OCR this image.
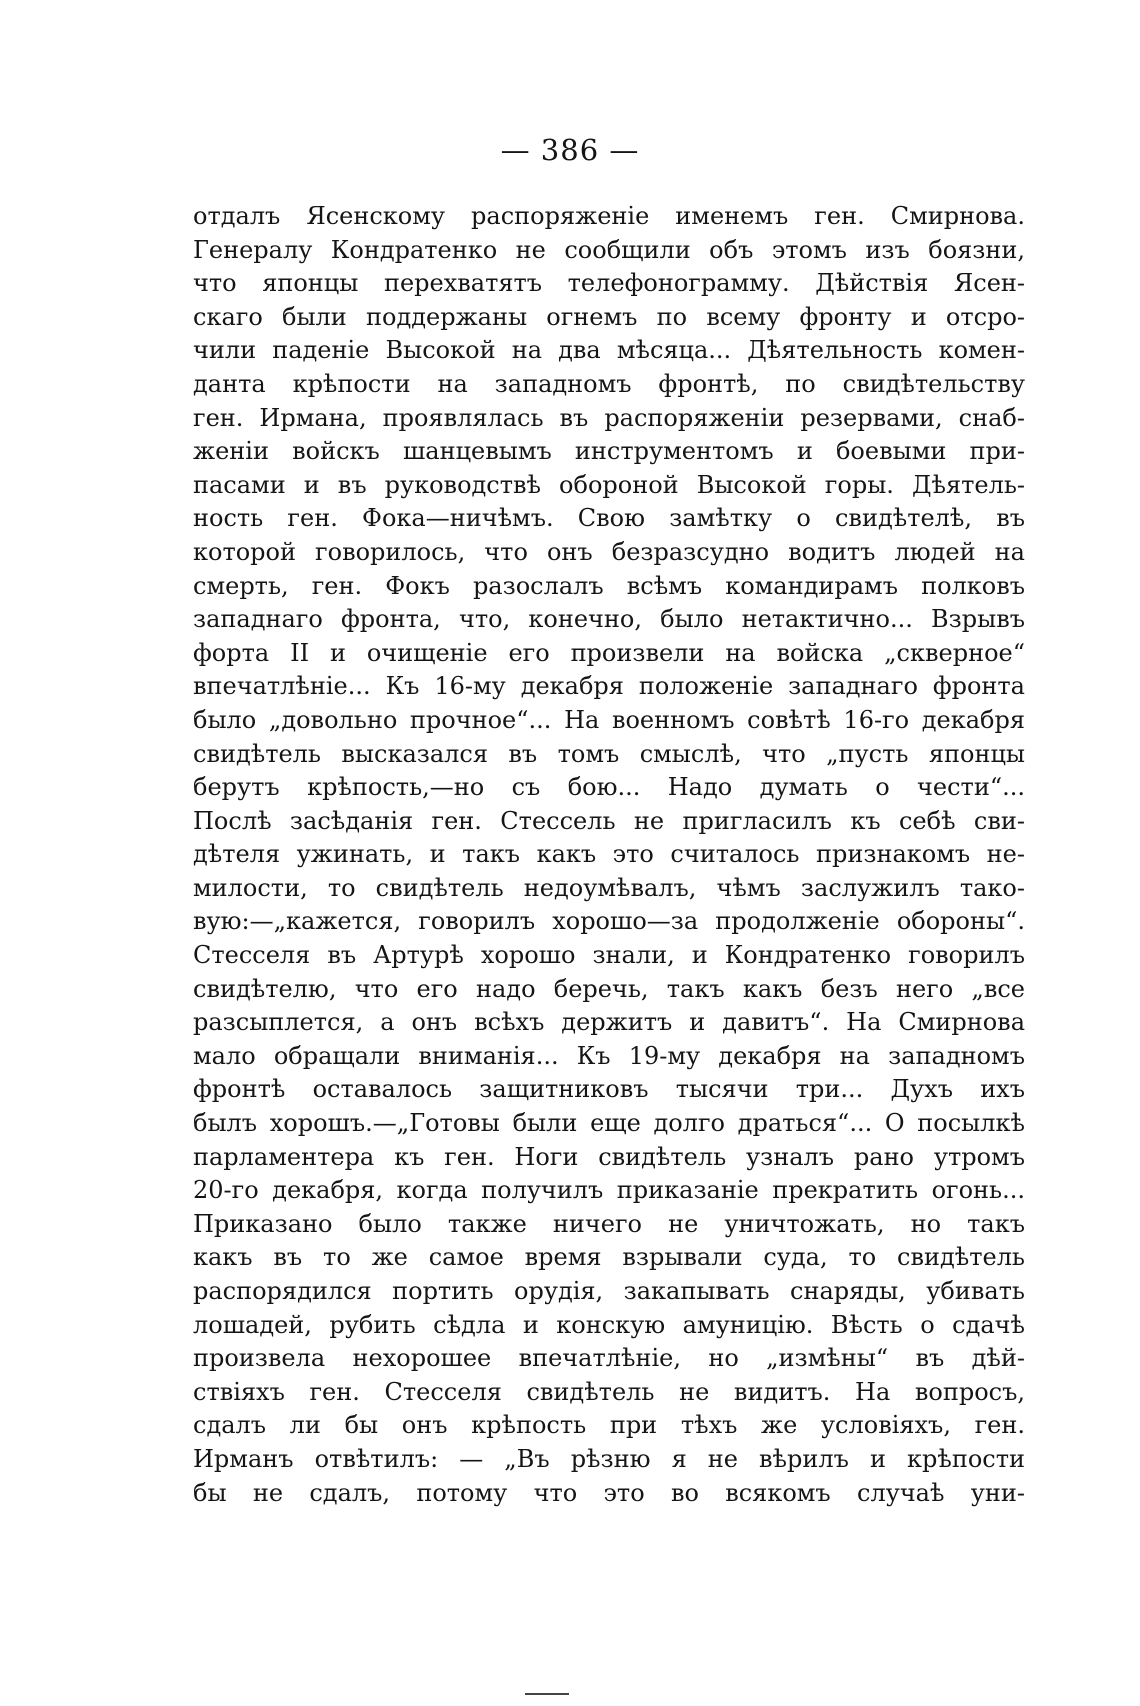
— 386 —
отдалъ Ясенскому распоряженіе именемъ ген. Смирнова.
Генералу Кондратенко не сообщили объ этомъ изъ боязни,
что японцы перехватятъ телефонограмму. Дѣйствія Ясен-
скаго были поддержаны огнемъ по всему фронту и отсро-
чили паденіе Высокой на два мѣсяца... Дѣятельность комен-
данта крѣпости на западномъ фронтѣ, по свидѣтельству
ген. Ирмана, проявлялась въ распоряженіи резервами, снаб-
женіи войскъ шанцевымъ инструментомъ и боевыми при-
пасами и въ руководствѣ обороной Высокой горы. Дѣятель-
ность ген. Фока—ничѣмъ. Свою замѣтку о свидѣтелѣ, въ
которой говорилось, что онъ безразсудно водитъ людей на
смерть, ген. Фокъ разослалъ всѣмъ командирамъ полковъ
западнаго фронта, что, конечно, было нетактично... Взрывъ
форта II и очищеніе его произвели на войска „скверное“
впечатлѣніе... Къ 16-му декабря положеніе западнаго фронта
было „довольно прочное“... На военномъ совѣтѣ 16-го декабря
свидѣтель высказался въ томъ смыслѣ, что „пусть японцы
берутъ крѣпость,—но съ бою... Надо думать о чести“...
Послѣ засѣданія ген. Стессель не пригласилъ къ себѣ сви-
дѣтеля ужинать, и такъ какъ это считалось признакомъ не-
милости, то свидѣтель недоумѣвалъ, чѣмъ заслужилъ тако-
вую:—„кажется, говорилъ хорошо—за продолженіе обороны“.
Стесселя въ Артурѣ хорошо знали, и Кондратенко говорилъ
свидѣтелю, что его надо беречь, такъ какъ безъ него „все
разсыплется, а онъ всѣхъ держитъ и давитъ“. На Смирнова
мало обращали вниманія... Къ 19-му декабря на западномъ
фронтѣ оставалось защитниковъ тысячи три... Духъ ихъ
былъ хорошъ.—„Готовы были еще долго драться“... О посылкѣ
парламентера къ ген. Ноги свидѣтель узналъ рано утромъ
20-го декабря, когда получилъ приказаніе прекратить огонь...
Приказано было также ничего не уничтожать, но такъ
какъ въ то же самое время взрывали суда, то свидѣтель
распорядился портить орудія, закапывать снаряды, убивать
лошадей, рубить сѣдла и конскую амуницію. Вѣсть о сдачѣ
произвела нехорошее впечатлѣніе, но „измѣны“ въ дѣй-
ствіяхъ ген. Стесселя свидѣтель не видитъ. На вопросъ,
сдалъ ли бы онъ крѣпость при тѣхъ же условіяхъ, ген.
Ирманъ отвѣтилъ: — „Въ рѣзню я не вѣрилъ и крѣпости
бы не сдалъ, потому что это во всякомъ случаѣ уни-
